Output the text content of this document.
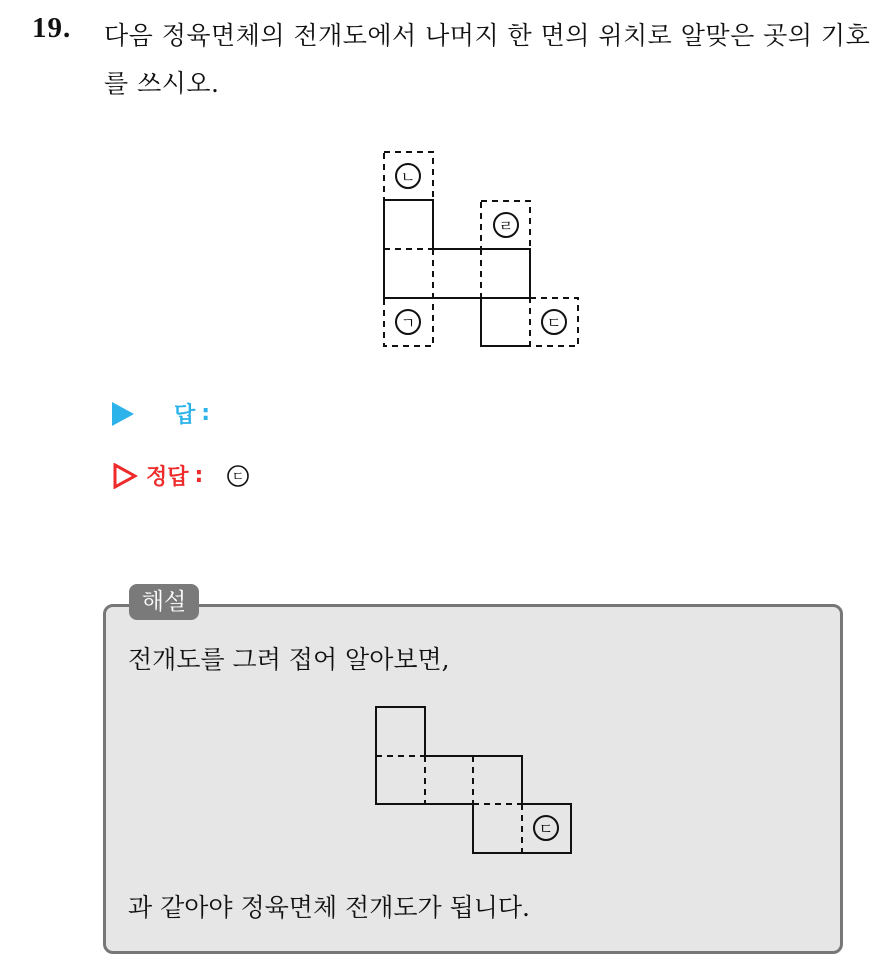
19. 다음 정육면체의 전개도에서 나머지 한 면의 위치로 알맞은 곳의 기호를 쓰시오.
ㄴ
ㄹ
ㄱ	ㄷ
답 :
정답 : ㄷ
해설
전개도를 그려 접어 알아보면,
ㄷ
과 같아야 정육면체 전개도가 됩니다.
